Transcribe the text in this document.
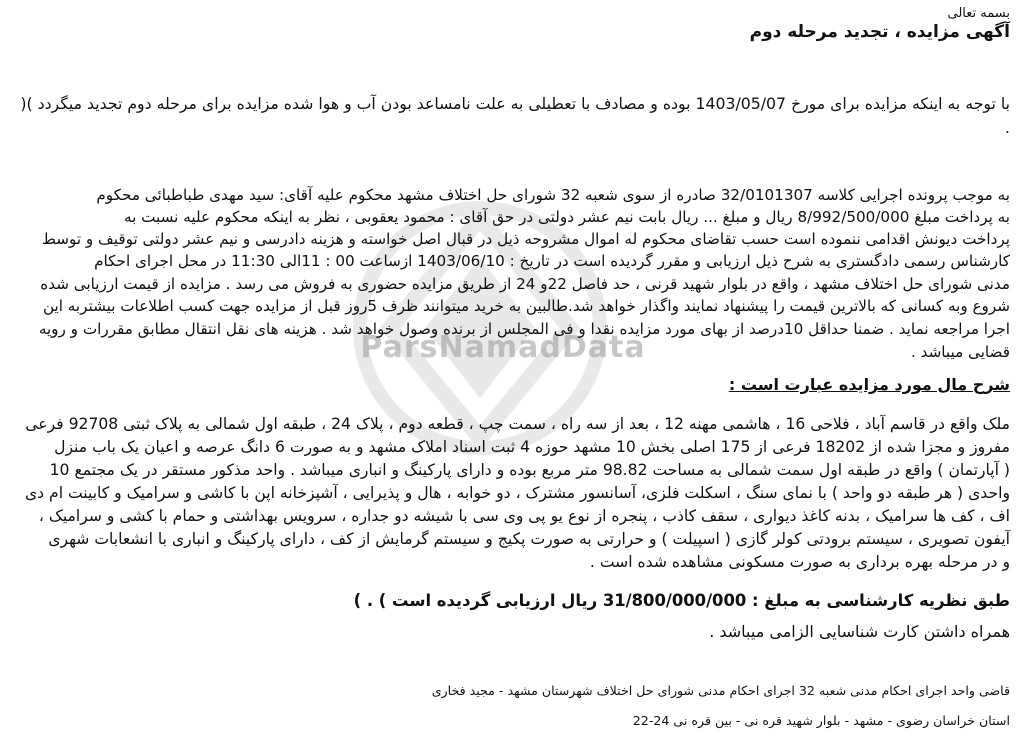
ParsNamadData
بسمه تعالی
آگهی مزایده ، تجدید مرحله دوم
با توجه به اینکه مزایده برای مورخ 1403/05/07 بوده و مصادف با تعطیلی به علت نامساعد بودن آب و هوا شده مزایده برای مرحله دوم تجدید میگردد )(
.
به موجب پرونده اجرایی کلاسه 32/0101307 صادره از سوی شعبه 32 شورای حل اختلاف مشهد محکوم علیه آقای: سید مهدی طباطبائی محکوم
به پرداخت مبلغ 8/992/500/000 ریال و مبلغ ... ریال بابت نیم عشر دولتی در حق آقای : محمود یعقوبی ، نظر به اینکه محکوم علیه نسبت به
پرداخت دیونش اقدامی ننموده است حسب تقاضای محکوم له اموال مشروحه ذیل در قبال اصل خواسته و هزینه دادرسی و نیم عشر دولتی توقیف و توسط
کارشناس رسمی دادگستری به شرح ذیل ارزیابی و مقرر گردیده است در تاریخ : 1403/06/10 ازساعت 00 : 11الی 11:30 در محل اجرای احکام
مدنی شورای حل اختلاف مشهد ، واقع در بلوار شهید قرنی ، حد فاصل 22و 24 از طریق مزایده حضوری به فروش می رسد . مزایده از قیمت ارزیابی شده
شروع وبه کسانی که بالاترین قیمت را پیشنهاد نمایند واگذار خواهد شد.طالبین به خرید میتوانند ظرف 5روز قبل از مزایده جهت کسب اطلاعات بیشتربه این
اجرا مراجعه نماید . ضمنا حداقل 10درصد از بهای مورد مزایده نقدا و فی المجلس از برنده وصول خواهد شد . هزینه های نقل انتقال مطابق مقررات و رویه
قضایی میباشد .
شرح مال مورد مزایده عبارت است :
ملک واقع در قاسم آباد ، فلاحی 16 ، هاشمی مهنه 12 ، بعد از سه راه ، سمت چپ ، قطعه دوم ، پلاک 24 ، طبقه اول شمالی به پلاک ثبتی 92708 فرعی
مفروز و مجزا شده از 18202 فرعی از 175 اصلی بخش 10 مشهد حوزه 4 ثبت اسناد املاک مشهد و به صورت 6 دانگ عرصه و اعیان یک باب منزل
( آپارتمان ) واقع در طبقه اول سمت شمالی به مساحت 98.82 متر مربع بوده و دارای پارکینگ و انباری میباشد . واحد مذکور مستقر در یک مجتمع 10
واحدی ( هر طبقه دو واحد ) با نمای سنگ ، اسکلت فلزی، آسانسور مشترک ، دو خوابه ، هال و پذیرایی ، آشپزخانه اپن با کاشی و سرامیک و کابینت ام دی
اف ، کف ها سرامیک ، بدنه کاغذ دیواری ، سقف کاذب ، پنجره از نوع یو پی وی سی با شیشه دو جداره ، سرویس بهداشتی و حمام با کشی و سرامیک ،
آیفون تصویری ، سیستم برودتی کولر گازی ( اسپیلت ) و حرارتی به صورت پکیج و سیستم گرمایش از کف ، دارای پارکینگ و انباری با انشعابات شهری
و در مرحله بهره برداری به صورت مسکونی مشاهده شده است .
طبق نظریه کارشناسی به مبلغ : 31/800/000/000 ریال ارزیابی گردیده است ) . )
همراه داشتن کارت شناسایی الزامی میباشد .
قاضی واحد اجرای احکام مدنی شعبه 32 اجرای احکام مدنی شورای حل اختلاف شهرستان مشهد - مجید فخاری
استان خراسان رضوی - مشهد - بلوار شهید قره نی - بین قره نی 24-22
